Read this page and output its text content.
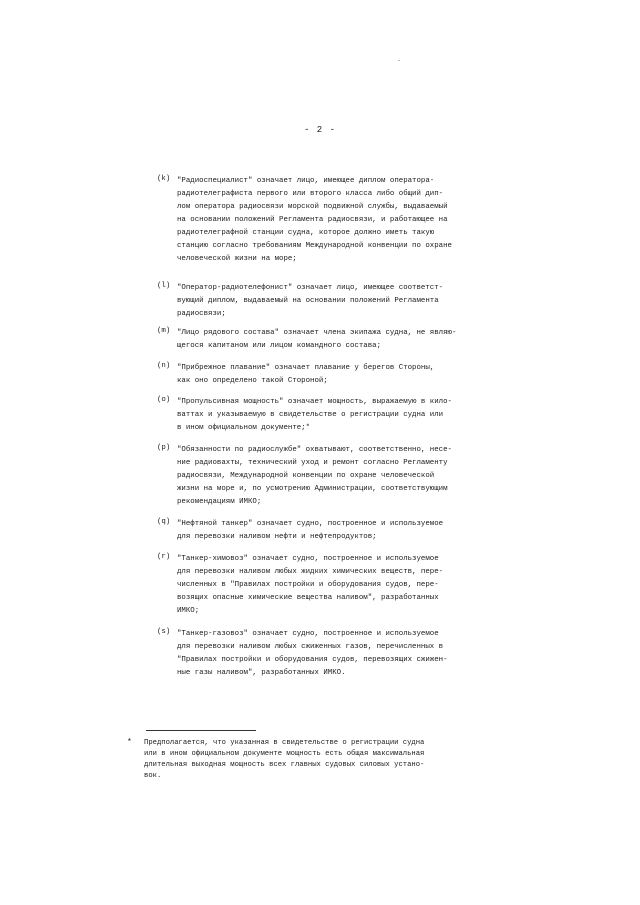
- 2 -
(k) "Радиоспециалист" означает лицо, имеющее диплом оператора-
радиотелеграфиста первого или второго класса либо общий дип-
лом оператора радиосвязи морской подвижной службы, выдаваемый
на основании положений Регламента радиосвязи, и работающее на
радиотелеграфной станции судна, которое должно иметь такую
станцию согласно требованиям Международной конвенции по охране
человеческой жизни на море;
(l) "Оператор-радиотелефонист" означает лицо, имеющее соответст-
вующий диплом, выдаваемый на основании положений Регламента
радиосвязи;
(m) "Лицо рядового состава" означает члена экипажа судна, не являю-
щегося капитаном или лицом командного состава;
(n) "Прибрежное плавание" означает плавание у берегов Стороны,
как оно определено такой Стороной;
(o) "Пропульсивная мощность" означает мощность, выражаемую в кило-
ваттах и указываемую в свидетельстве о регистрации судна или
в ином официальном документе;*
(p) "Обязанности по радиослужбе" охватывают, соответственно, несе-
ние радиовахты, технический уход и ремонт согласно Регламенту
радиосвязи, Международной конвенции по охране человеческой
жизни на море и, по усмотрению Администрации, соответствующим
рекомендациям ИМКО;
(q) "Нефтяной танкер" означает судно, построенное и используемое
для перевозки наливом нефти и нефтепродуктов;
(r) "Танкер-химовоз" означает судно, построенное и используемое
для перевозки наливом любых жидких химических веществ, пере-
численных в "Правилах постройки и оборудования судов, пере-
возящих опасные химические вещества наливом", разработанных
ИМКО;
(s) "Танкер-газовоз" означает судно, построенное и используемое
для перевозки наливом любых сжиженных газов, перечисленных в
"Правилах постройки и оборудования судов, перевозящих сжижен-
ные газы наливом", разработанных ИМКО.
* Предполагается, что указанная в свидетельстве о регистрации судна
или в ином официальном документе мощность есть общая максимальная
длительная выходная мощность всех главных судовых силовых устано-
вок.
